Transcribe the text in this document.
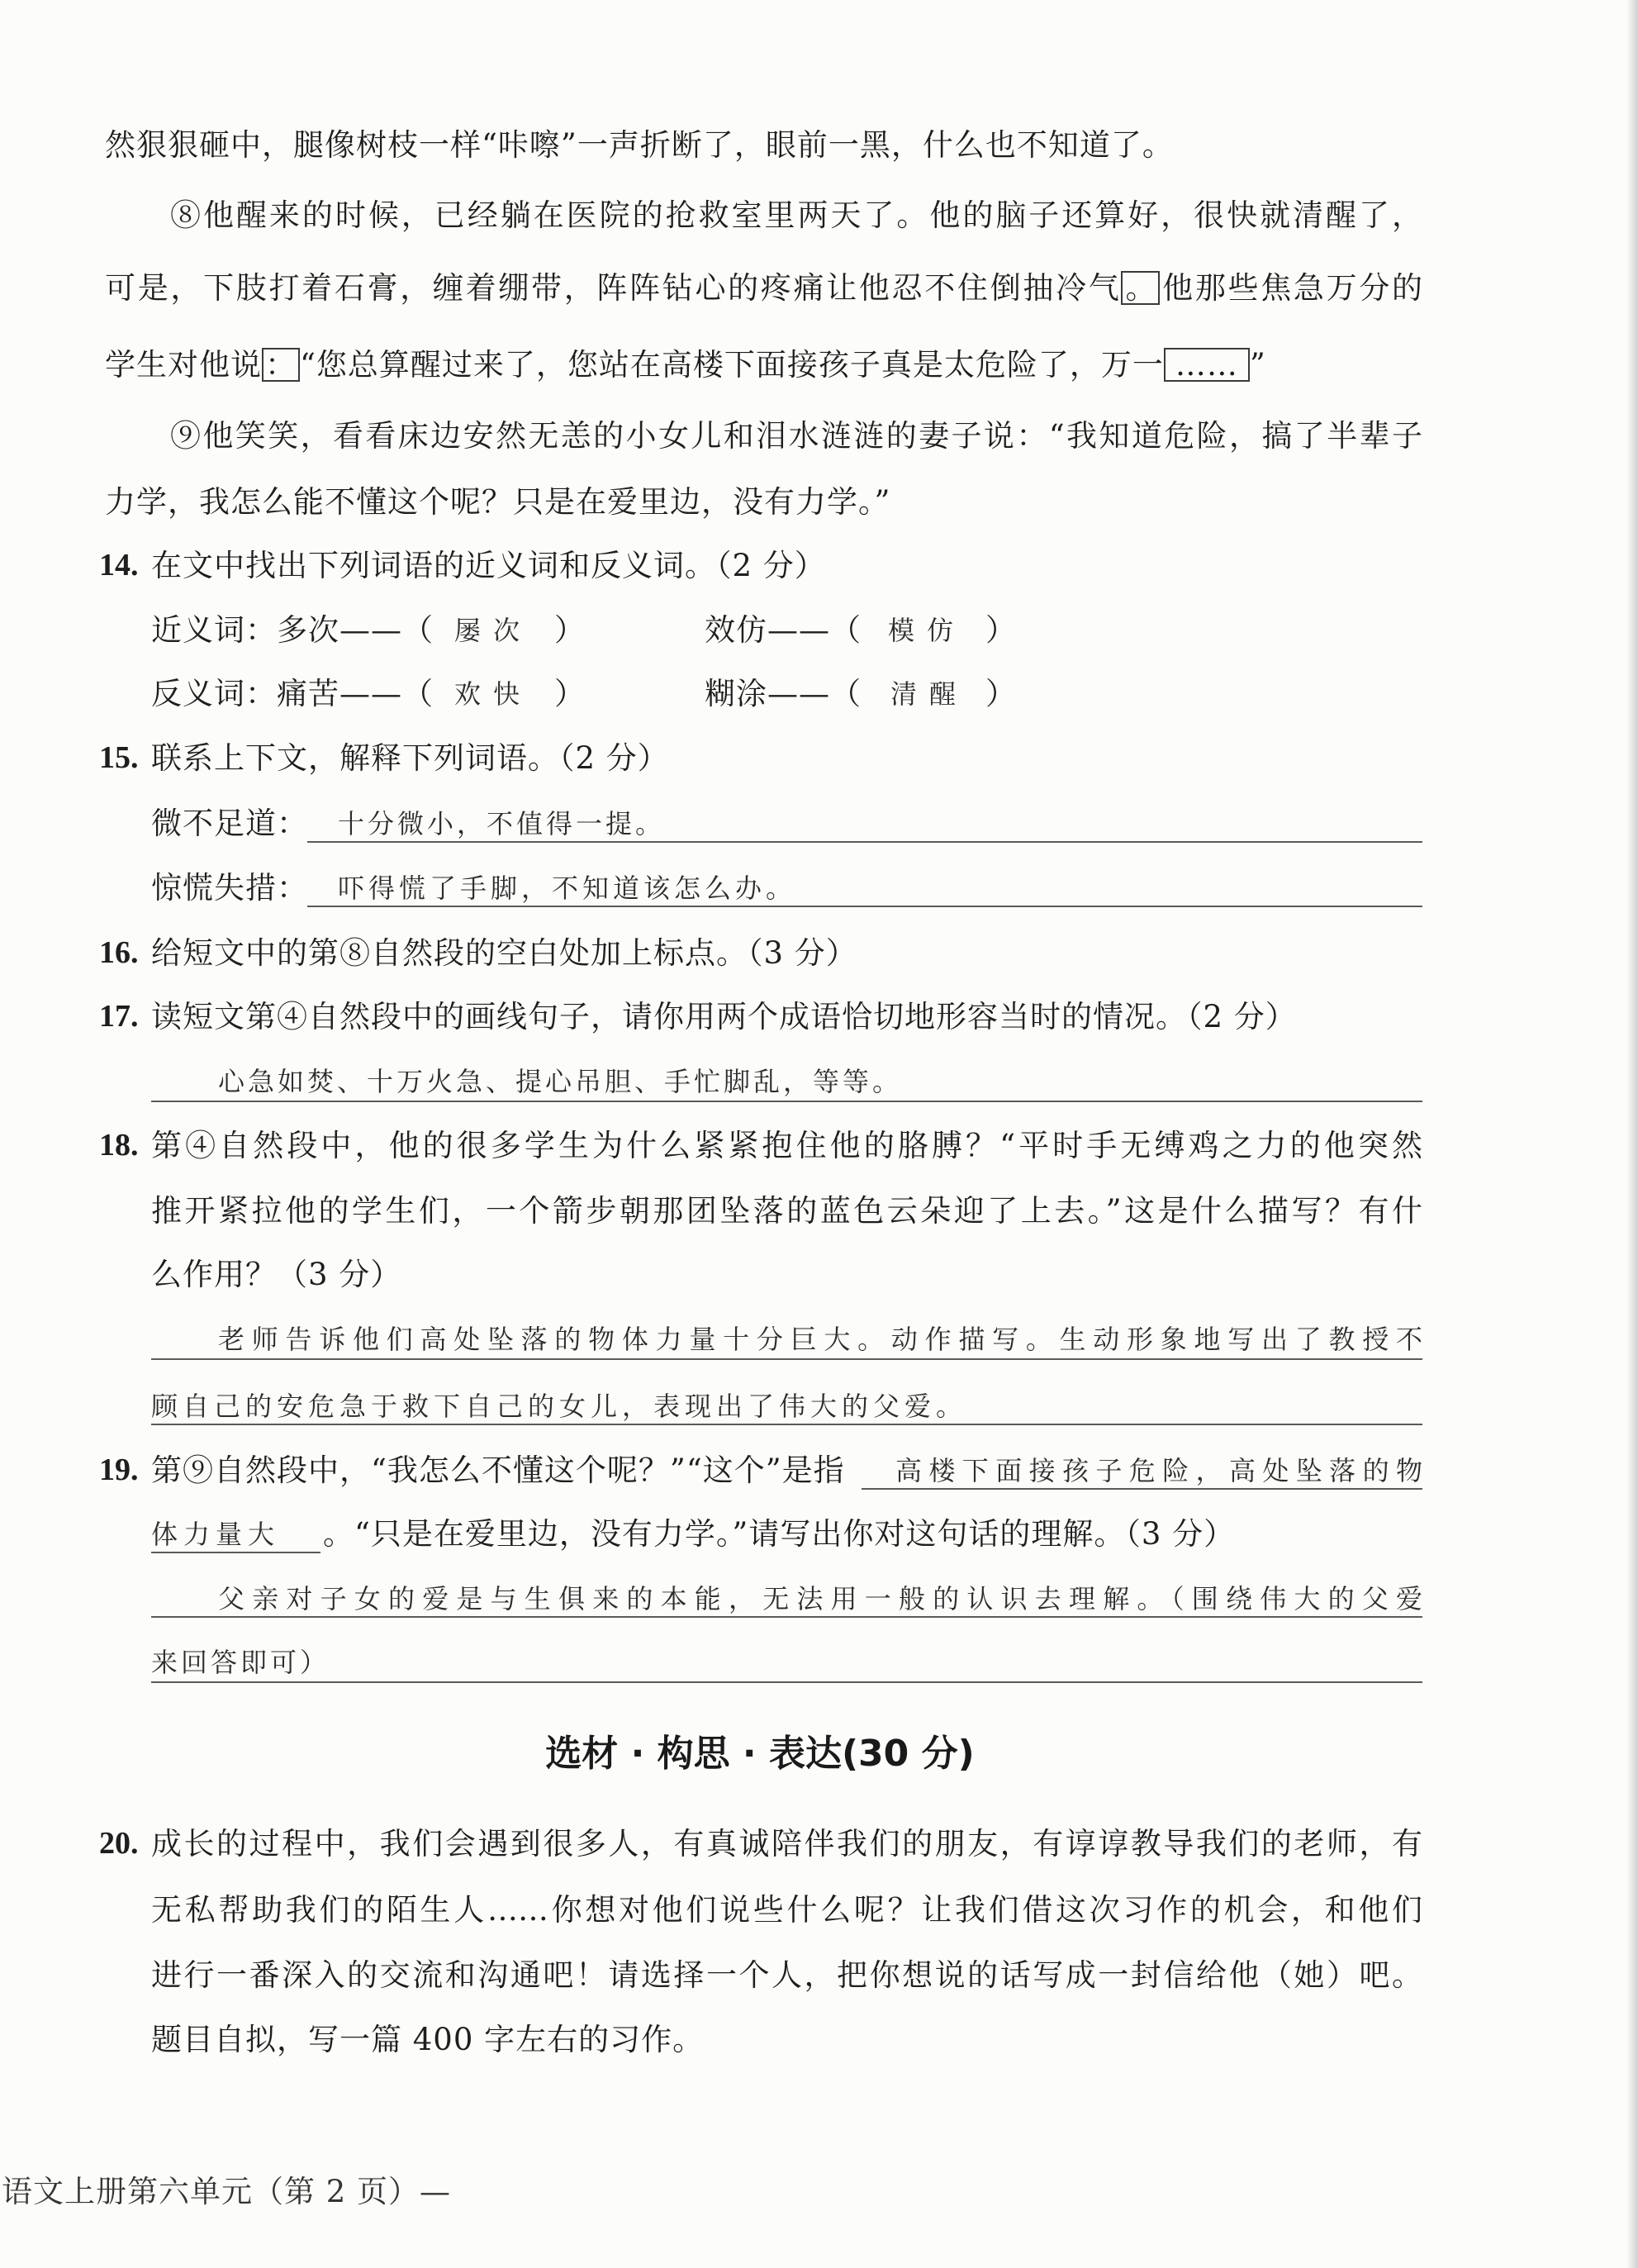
然狠狠砸中，腿像树枝一样“咔嚓”一声折断了，眼前一黑，什么也不知道了。
⑧他醒来的时候，已经躺在医院的抢救室里两天了。他的脑子还算好，很快就清醒了，
可是，下肢打着石膏，缠着绷带，阵阵钻心的疼痛让他忍不住倒抽冷气 。 他那些焦急万分的
学生对他说 ： “您总算醒过来了，您站在高楼下面接孩子真是太危险了，万一 …… ”
⑨他笑笑，看看床边安然无恙的小女儿和泪水涟涟的妻子说：“我知道危险，搞了半辈子
力学，我怎么能不懂这个呢？只是在爱里边，没有力学。”
14. 在文中找出下列词语的近义词和反义词。（2 分）
近义词：多次——（ 屡次 ）	效仿——（ 模仿 ）
反义词：痛苦——（ 欢快 ）	糊涂——（ 清醒 ）
15. 联系上下文，解释下列词语。（2 分）
微不足道： 十分微小，不值得一提。
惊慌失措： 吓得慌了手脚，不知道该怎么办。
16. 给短文中的第⑧自然段的空白处加上标点。（3 分）
17. 读短文第④自然段中的画线句子，请你用两个成语恰切地形容当时的情况。（2 分）
心急如焚、十万火急、提心吊胆、手忙脚乱，等等。
18. 第④自然段中，他的很多学生为什么紧紧抱住他的胳膊？“平时手无缚鸡之力的他突然
推开紧拉他的学生们，一个箭步朝那团坠落的蓝色云朵迎了上去。”这是什么描写？有什
么作用？（3 分）
老师告诉他们高处坠落的物体力量十分巨大。动作描写。生动形象地写出了教授不
顾自己的安危急于救下自己的女儿，表现出了伟大的父爱。
19. 第⑨自然段中，“我怎么不懂这个呢？”“这个”是指 高楼下面接孩子危险，高处坠落的物
体力量大 。“只是在爱里边，没有力学。”请写出你对这句话的理解。（3 分）
父亲对子女的爱是与生俱来的本能，无法用一般的认识去理解。（围绕伟大的父爱
来回答即可）
选材 · 构思 · 表达(30 分)
20. 成长的过程中，我们会遇到很多人，有真诚陪伴我们的朋友，有谆谆教导我们的老师，有
无私帮助我们的陌生人……你想对他们说些什么呢？让我们借这次习作的机会，和他们
进行一番深入的交流和沟通吧！请选择一个人，把你想说的话写成一封信给他（她）吧。
题目自拟，写一篇 400 字左右的习作。
语文上册第六单元（第 2 页）—
